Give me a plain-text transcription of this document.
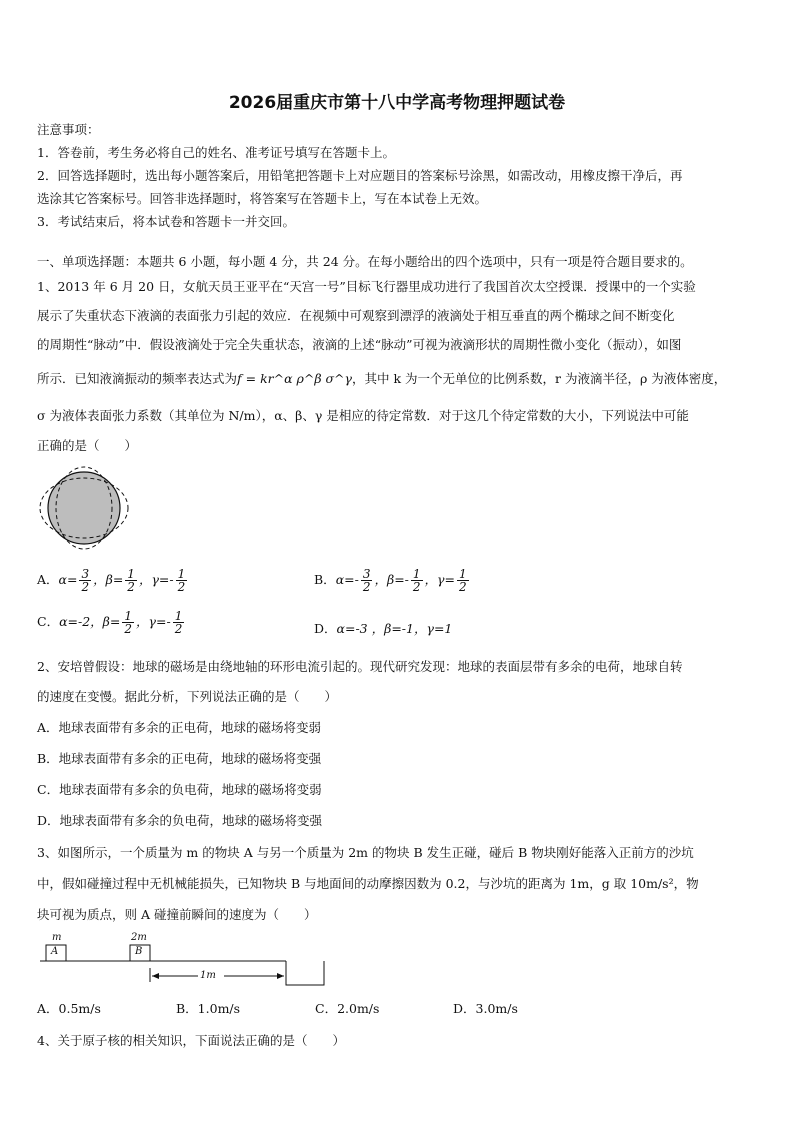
2026届重庆市第十八中学高考物理押题试卷
注意事项：
1．答卷前，考生务必将自己的姓名、准考证号填写在答题卡上。
2．回答选择题时，选出每小题答案后，用铅笔把答题卡上对应题目的答案标号涂黑，如需改动，用橡皮擦干净后，再
选涂其它答案标号。回答非选择题时，将答案写在答题卡上，写在本试卷上无效。
3．考试结束后，将本试卷和答题卡一并交回。
一、单项选择题：本题共 6 小题，每小题 4 分，共 24 分。在每小题给出的四个选项中，只有一项是符合题目要求的。
1、2013 年 6 月 20 日，女航天员王亚平在“天宫一号”目标飞行器里成功进行了我国首次太空授课．授课中的一个实验
展示了失重状态下液滴的表面张力引起的效应．在视频中可观察到漂浮的液滴处于相互垂直的两个椭球之间不断变化
的周期性“脉动”中．假设液滴处于完全失重状态，液滴的上述“脉动”可视为液滴形状的周期性微小变化（振动），如图
所示．已知液滴振动的频率表达式为f = kr^α ρ^β σ^γ，其中 k 为一个无单位的比例系数，r 为液滴半径，ρ 为液体密度，
σ 为液体表面张力系数（其单位为 N/m），α、β、γ 是相应的待定常数．对于这几个待定常数的大小，下列说法中可能
正确的是（　　）
A．$\alpha= \frac{3}{2}$ ，$\beta= \frac{1}{2}$ ，$\gamma=- \frac{1}{2}$	B．$\alpha=- \frac{3}{2}$ ，$\beta=- \frac{1}{2}$ ，$\gamma= \frac{1}{2}$
C．α=-2，$\beta= \frac{1}{2}$ ，$\gamma=- \frac{1}{2}$	D．α=-3 ，β=-1，γ=1
2、安培曾假设：地球的磁场是由绕地轴的环形电流引起的。现代研究发现：地球的表面层带有多余的电荷，地球自转
的速度在变慢。据此分析，下列说法正确的是（　　）
A．地球表面带有多余的正电荷，地球的磁场将变弱
B．地球表面带有多余的正电荷，地球的磁场将变强
C．地球表面带有多余的负电荷，地球的磁场将变弱
D．地球表面带有多余的负电荷，地球的磁场将变强
3、如图所示，一个质量为 m 的物块 A 与另一个质量为 2m 的物块 B 发生正碰，碰后 B 物块刚好能落入正前方的沙坑
中，假如碰撞过程中无机械能损失，已知物块 B 与地面间的动摩擦因数为 0.2，与沙坑的距离为 1m，g 取 10m/s²，物
块可视为质点，则 A 碰撞前瞬间的速度为（　　）
m
A
2m
B
1m
A．0.5m/s	B．1.0m/s	C．2.0m/s	D．3.0m/s
4、关于原子核的相关知识，下面说法正确的是（　　）
